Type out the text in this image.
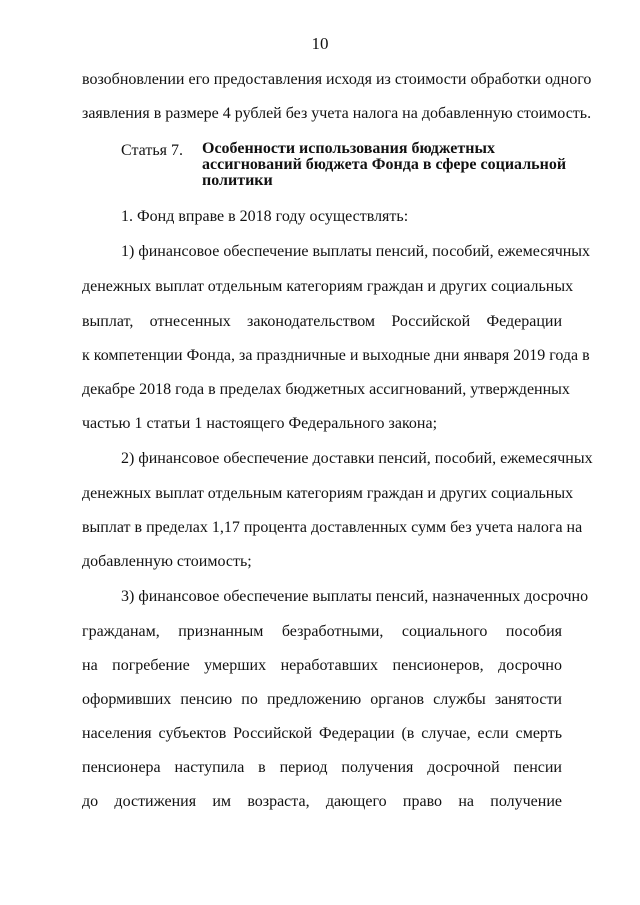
10
возобновлении его предоставления исходя из стоимости обработки одного
заявления в размере 4 рублей без учета налога на добавленную стоимость.
Статья 7. Особенности использования бюджетных
ассигнований бюджета Фонда в сфере социальной
политики
1. Фонд вправе в 2018 году осуществлять:
1) финансовое обеспечение выплаты пенсий, пособий, ежемесячных
денежных выплат отдельным категориям граждан и других социальных
выплат, отнесенных законодательством Российской Федерации
к компетенции Фонда, за праздничные и выходные дни января 2019 года в
декабре 2018 года в пределах бюджетных ассигнований, утвержденных
частью 1 статьи 1 настоящего Федерального закона;
2) финансовое обеспечение доставки пенсий, пособий, ежемесячных
денежных выплат отдельным категориям граждан и других социальных
выплат в пределах 1,17 процента доставленных сумм без учета налога на
добавленную стоимость;
3) финансовое обеспечение выплаты пенсий, назначенных досрочно
гражданам, признанным безработными, социального пособия
на погребение умерших неработавших пенсионеров, досрочно
оформивших пенсию по предложению органов службы занятости
населения субъектов Российской Федерации (в случае, если смерть
пенсионера наступила в период получения досрочной пенсии
до достижения им возраста, дающего право на получение
